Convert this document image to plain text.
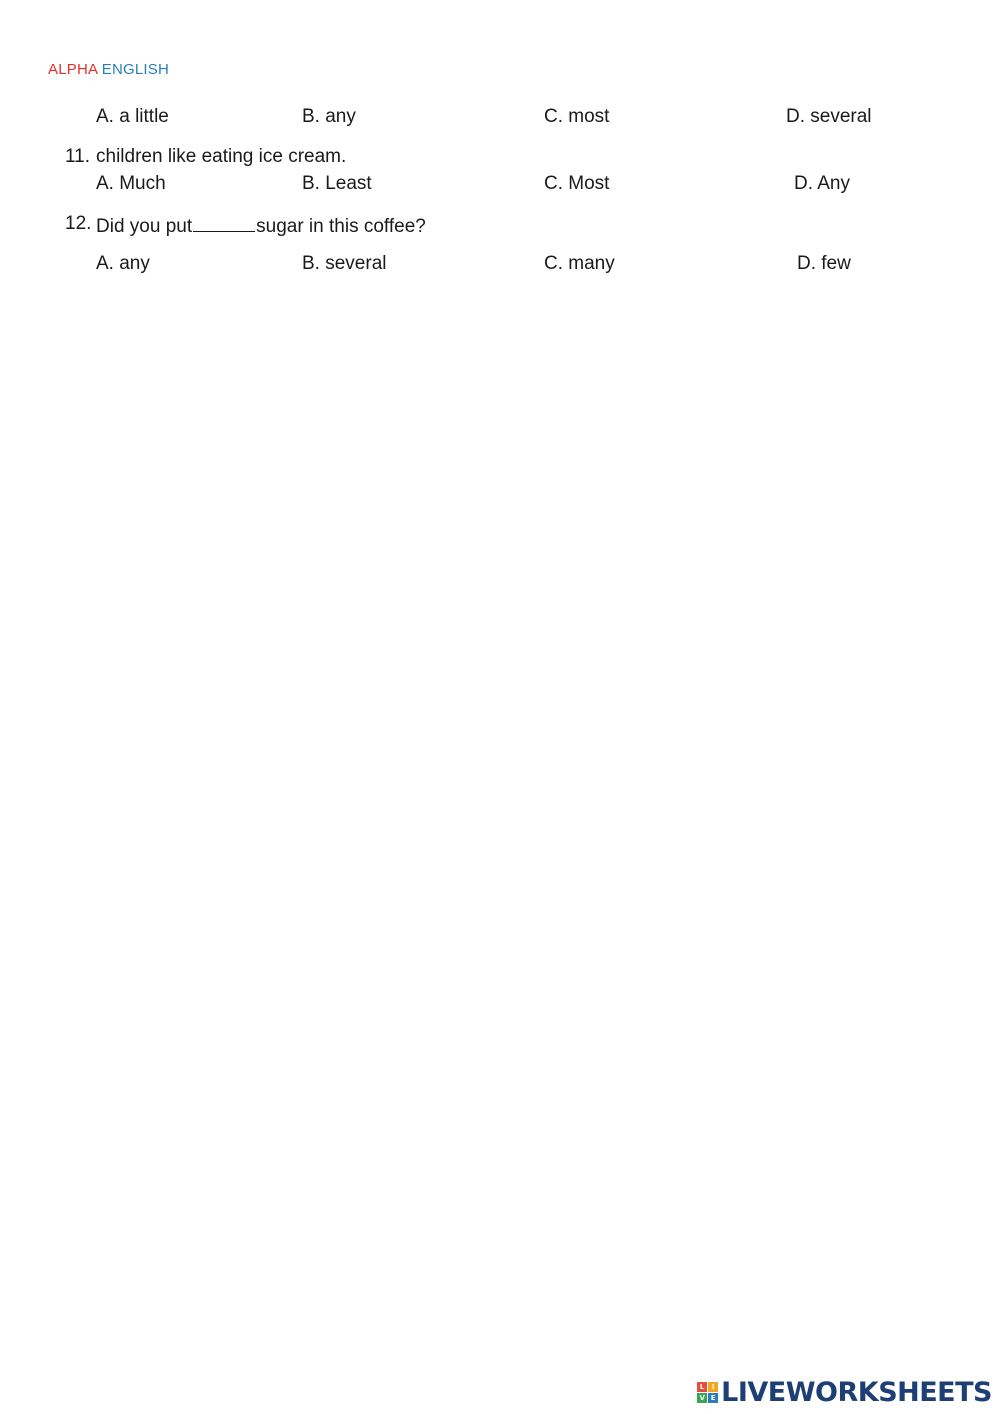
ALPHA ENGLISH
A. a little	B. any	C. most	D. several
11. children like eating ice cream.
A. Much	B. Least	C. Most	D. Any
12. Did you put	sugar in this coffee?
A. any	B. several	C. many	D. few
L	I
V E LIVEWORKSHEETS
